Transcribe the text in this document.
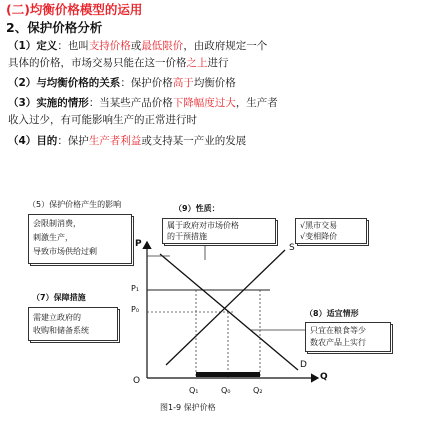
(二)均衡价格模型的运用
2、保护价格分析
（1）定义：也叫支持价格或最低限价，由政府规定一个
具体的价格，市场交易只能在这一价格之上进行
（2）与均衡价格的关系：保护价格高于均衡价格
（3）实施的情形：当某些产品价格下降幅度过大，生产者
收入过少，有可能影响生产的正常进行时
（4）目的：保护生产者利益或支持某一产业的发展
P
Q
O
P₁
P₀
S
D
Q₁	Q₀	Q₂
图1-9 保护价格
（5）保护价格产生的影响
会限制消费，
刺激生产，
导致市场供给过剩
（9）性质：
属于政府对市场价格
的干预措施
√黑市交易
√变相降价
（7）保障措施
需建立政府的
收购和储备系统
（8）适宜情形
只宜在粮食等少
数农产品上实行
